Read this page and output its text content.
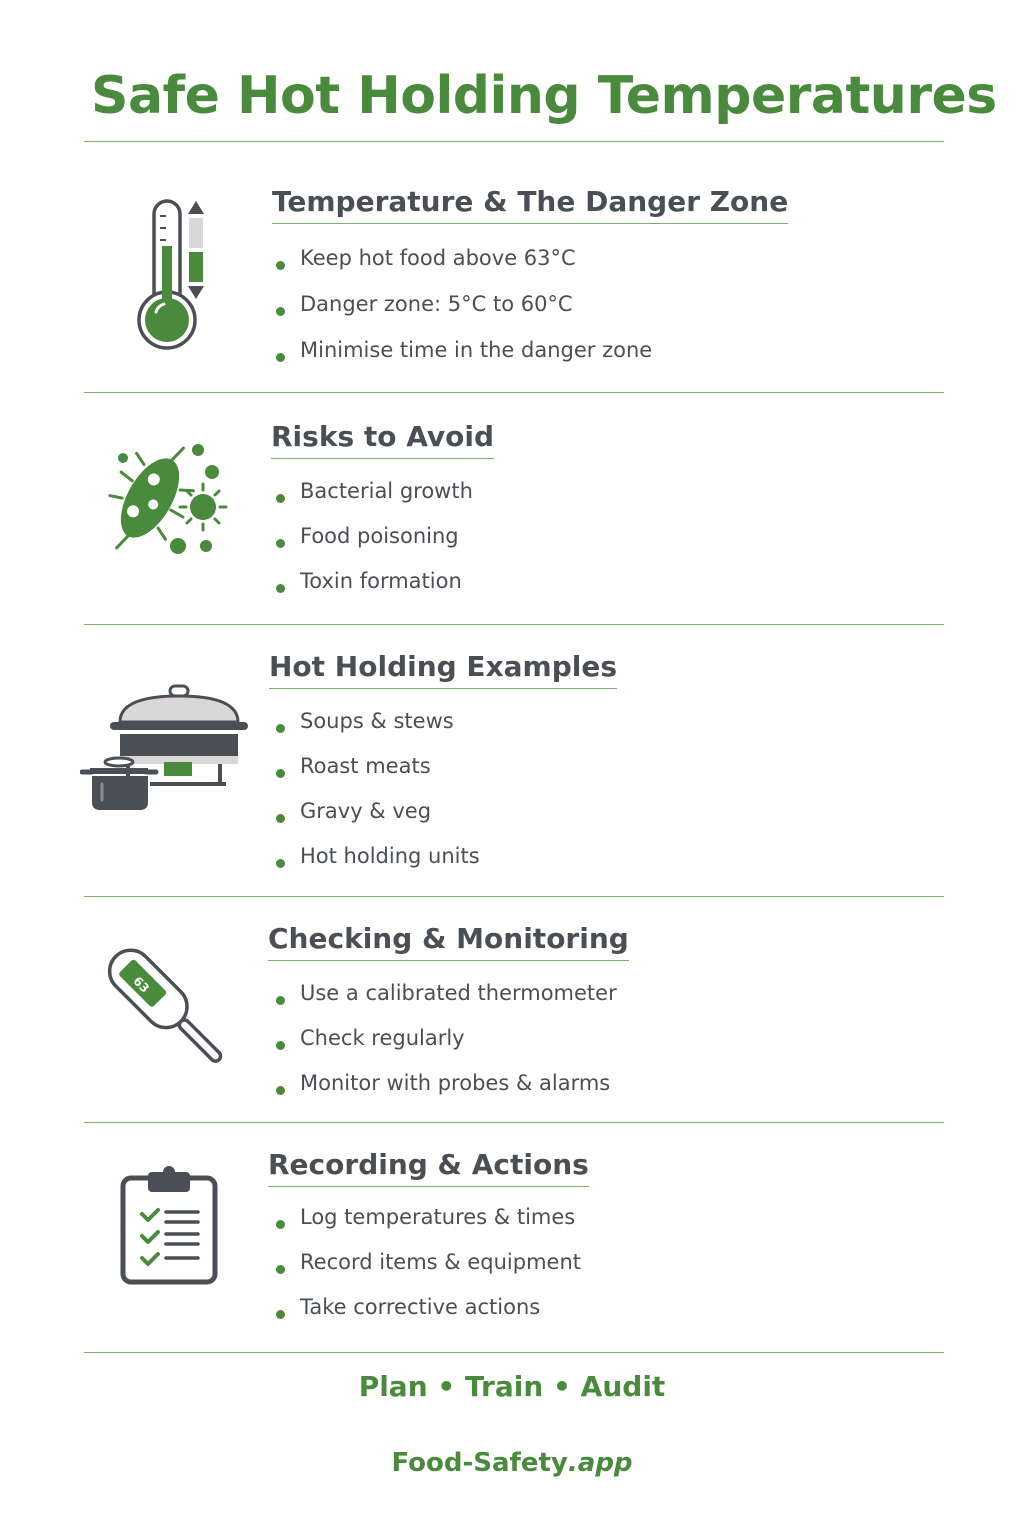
Safe Hot Holding Temperatures
Temperature & The Danger Zone
Keep hot food above 63°C
Danger zone: 5°C to 60°C
Minimise time in the danger zone
Risks to Avoid
Bacterial growth
Food poisoning
Toxin formation
Hot Holding Examples
Soups & stews
Roast meats
Gravy & veg
Hot holding units
63
Checking & Monitoring
Use a calibrated thermometer
Check regularly
Monitor with probes & alarms
Recording & Actions
Log temperatures & times
Record items & equipment
Take corrective actions
Plan • Train • Audit
Food-Safety.app
